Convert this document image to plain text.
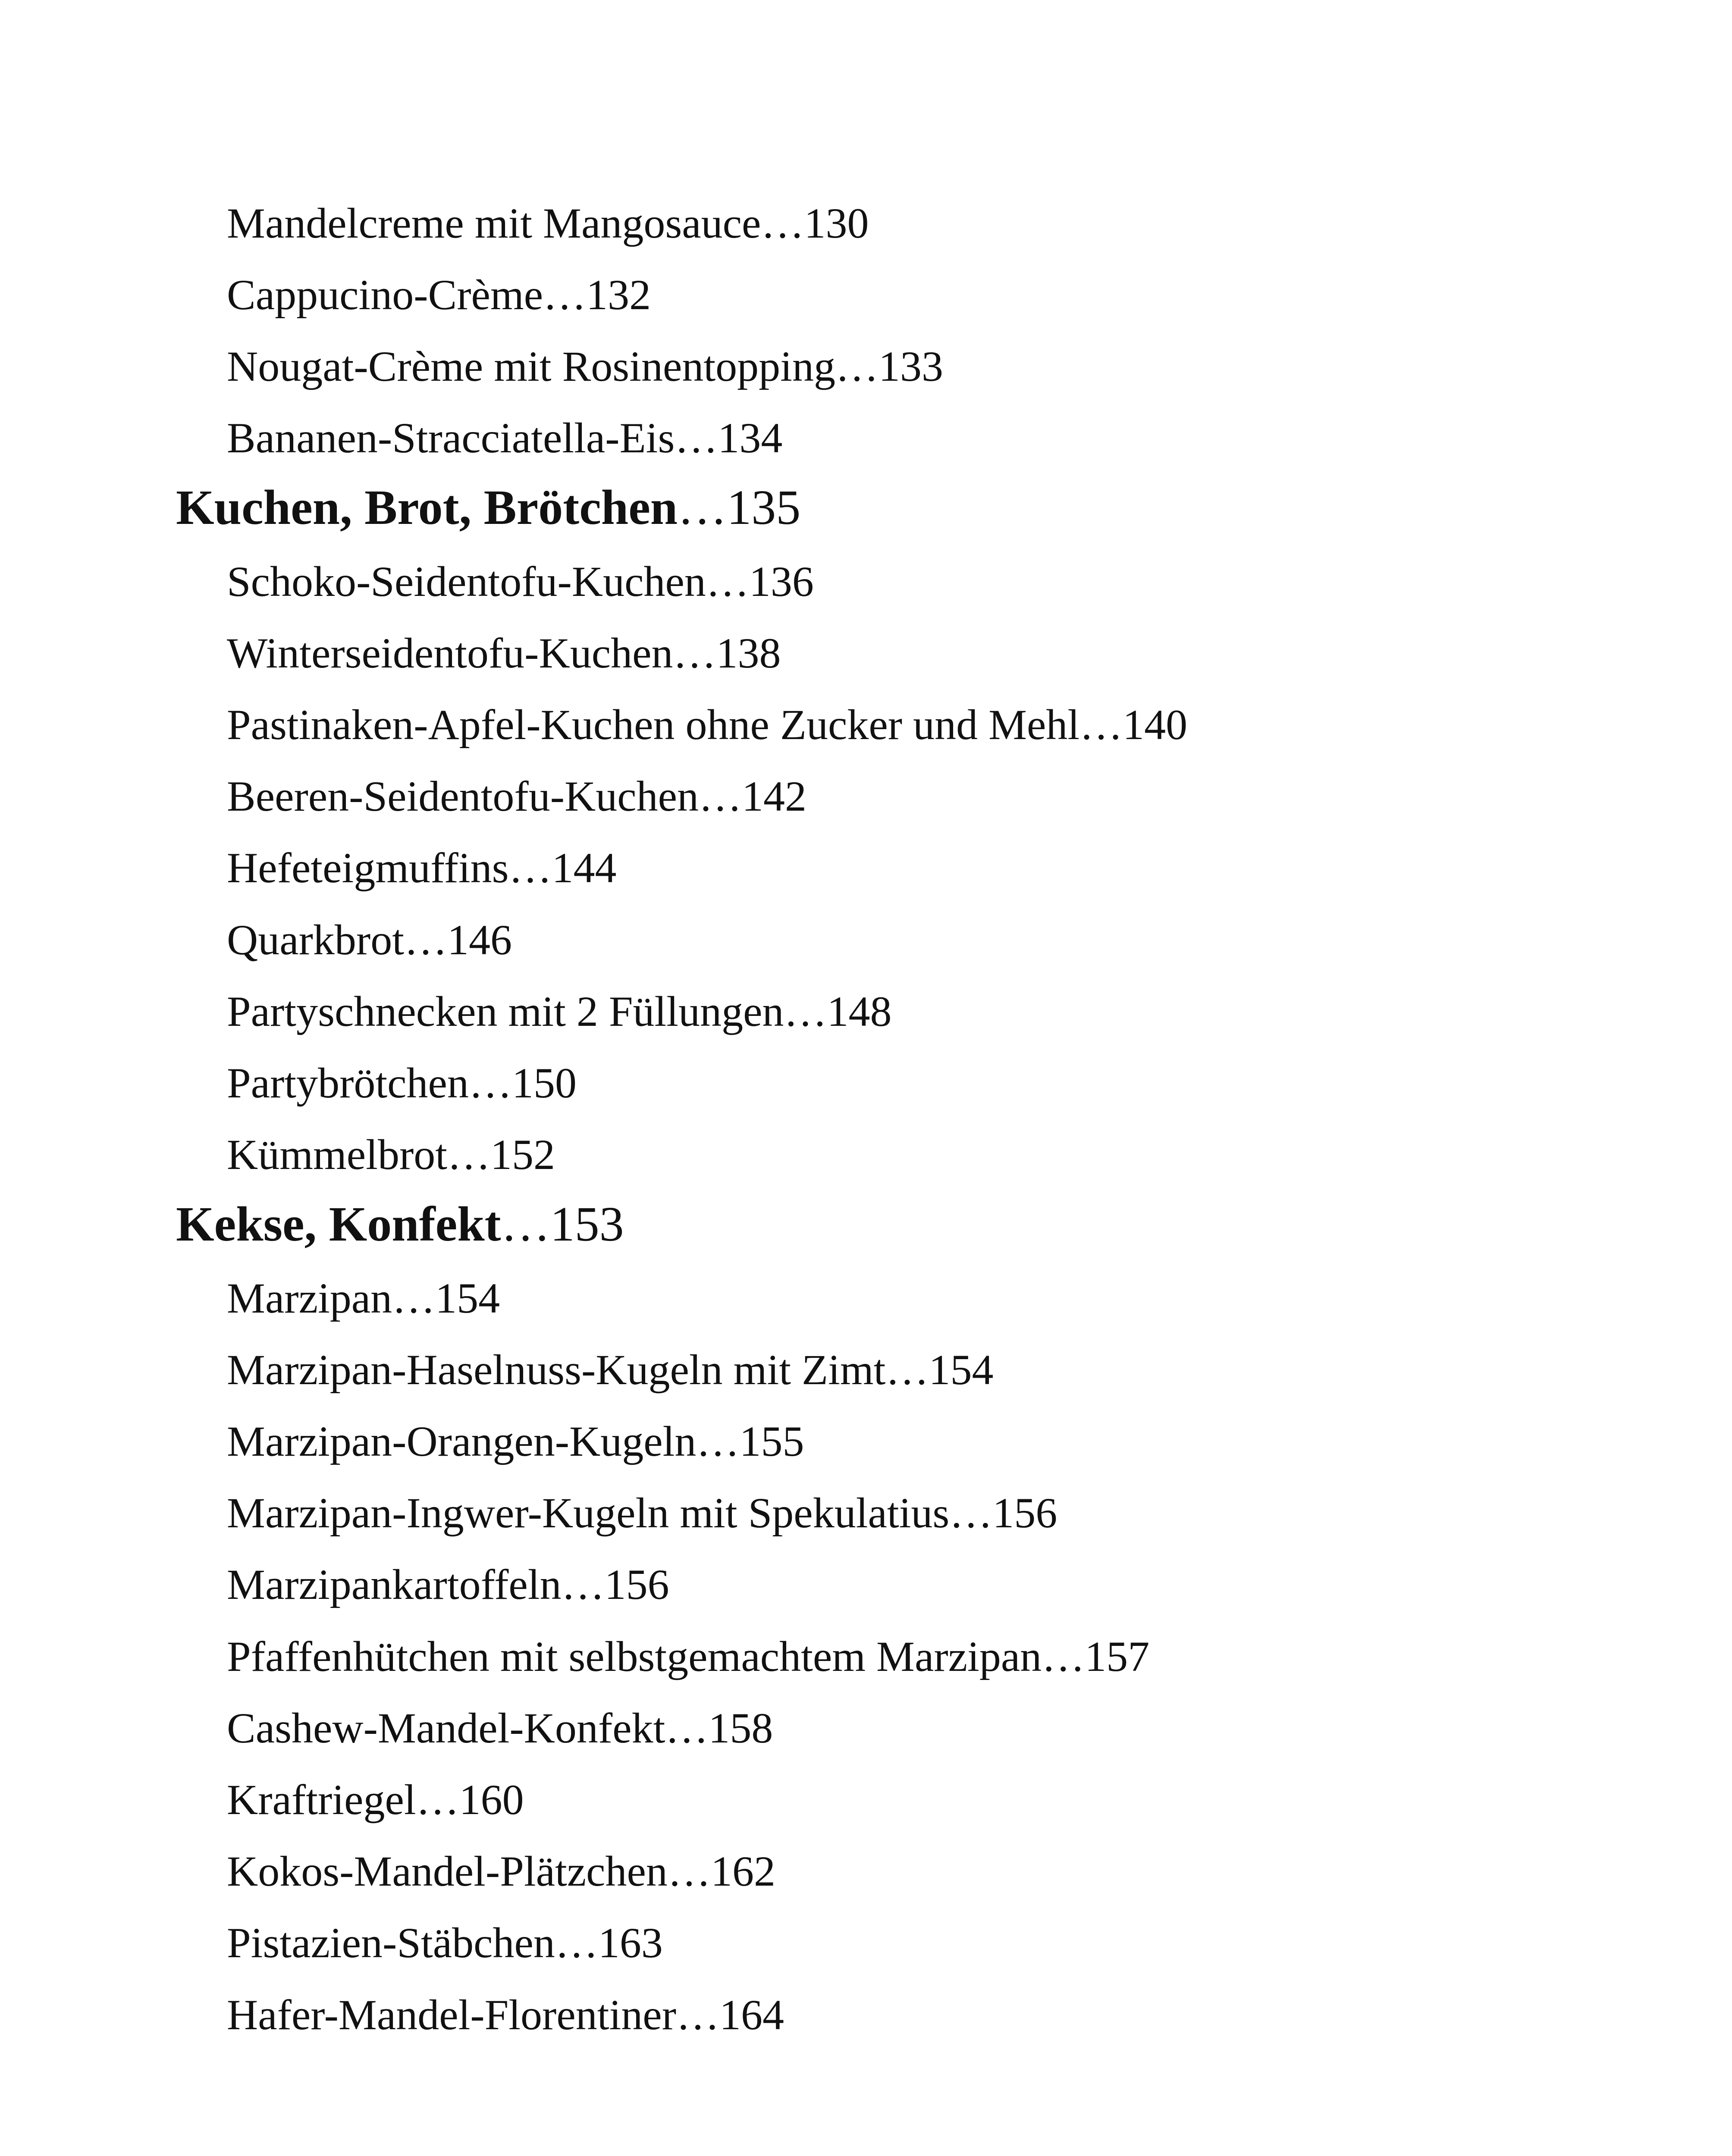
Mandelcreme mit Mangosauce…130
Cappucino-Crème…132
Nougat-Crème mit Rosinentopping…133
Bananen-Stracciatella-Eis…134
Kuchen, Brot, Brötchen…135
Schoko-Seidentofu-Kuchen…136
Winterseidentofu-Kuchen…138
Pastinaken-Apfel-Kuchen ohne Zucker und Mehl…140
Beeren-Seidentofu-Kuchen…142
Hefeteigmuffins…144
Quarkbrot…146
Partyschnecken mit 2 Füllungen…148
Partybrötchen…150
Kümmelbrot…152
Kekse, Konfekt…153
Marzipan…154
Marzipan-Haselnuss-Kugeln mit Zimt…154
Marzipan-Orangen-Kugeln…155
Marzipan-Ingwer-Kugeln mit Spekulatius…156
Marzipankartoffeln…156
Pfaffenhütchen mit selbstgemachtem Marzipan…157
Cashew-Mandel-Konfekt…158
Kraftriegel…160
Kokos-Mandel-Plätzchen…162
Pistazien-Stäbchen…163
Hafer-Mandel-Florentiner…164
